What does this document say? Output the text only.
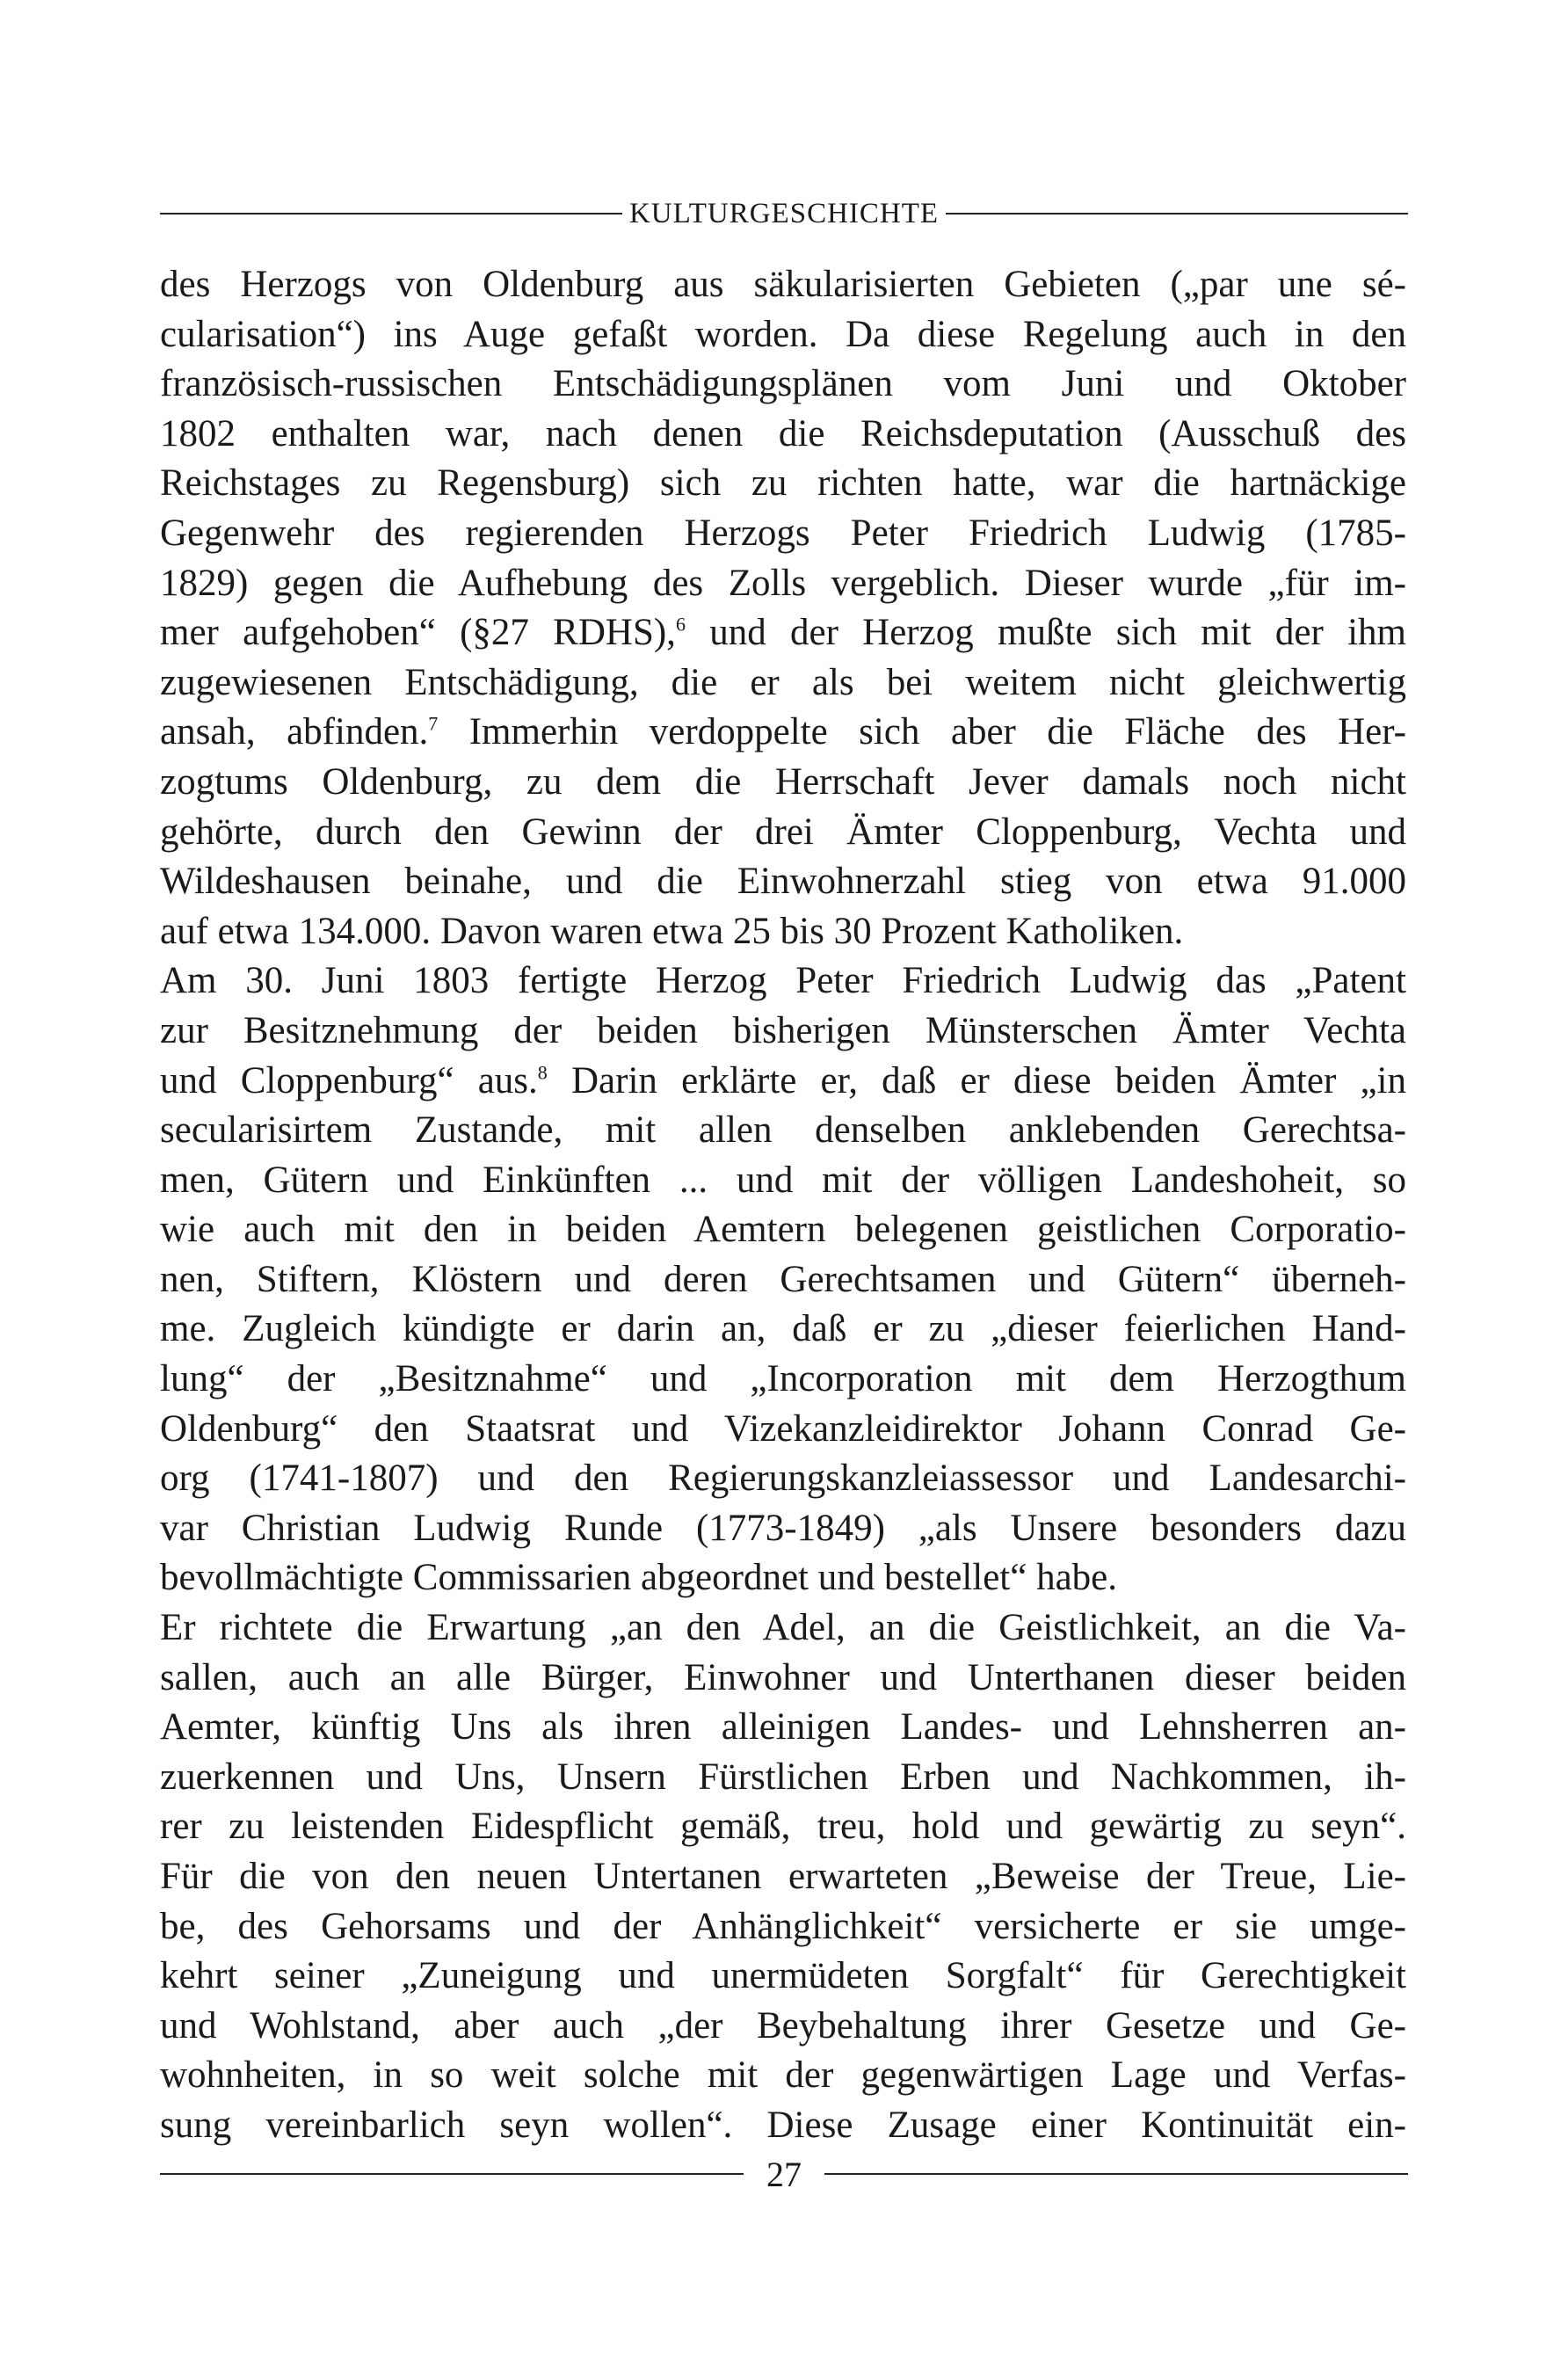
KULTURGESCHICHTE
des Herzogs von Oldenburg aus säkularisierten Gebieten („par une sé-
cularisation“) ins Auge gefaßt worden. Da diese Regelung auch in den
französisch-russischen Entschädigungsplänen vom Juni und Oktober
1802 enthalten war, nach denen die Reichsdeputation (Ausschuß des
Reichstages zu Regensburg) sich zu richten hatte, war die hartnäckige
Gegenwehr des regierenden Herzogs Peter Friedrich Ludwig (1785-
1829) gegen die Aufhebung des Zolls vergeblich. Dieser wurde „für im-
mer aufgehoben“ (§27 RDHS),$^6$ und der Herzog mußte sich mit der ihm
zugewiesenen Entschädigung, die er als bei weitem nicht gleichwertig
ansah, abfinden.$^7$ Immerhin verdoppelte sich aber die Fläche des Her-
zogtums Oldenburg, zu dem die Herrschaft Jever damals noch nicht
gehörte, durch den Gewinn der drei Ämter Cloppenburg, Vechta und
Wildeshausen beinahe, und die Einwohnerzahl stieg von etwa 91.000
auf etwa 134.000. Davon waren etwa 25 bis 30 Prozent Katholiken.
Am 30. Juni 1803 fertigte Herzog Peter Friedrich Ludwig das „Patent
zur Besitznehmung der beiden bisherigen Münsterschen Ämter Vechta
und Cloppenburg“ aus.$^8$ Darin erklärte er, daß er diese beiden Ämter „in
secularisirtem Zustande, mit allen denselben anklebenden Gerechtsa-
men, Gütern und Einkünften ... und mit der völligen Landeshoheit, so
wie auch mit den in beiden Aemtern belegenen geistlichen Corporatio-
nen, Stiftern, Klöstern und deren Gerechtsamen und Gütern“ überneh-
me. Zugleich kündigte er darin an, daß er zu „dieser feierlichen Hand-
lung“ der „Besitznahme“ und „Incorporation mit dem Herzogthum
Oldenburg“ den Staatsrat und Vizekanzleidirektor Johann Conrad Ge-
org (1741-1807) und den Regierungskanzleiassessor und Landesarchi-
var Christian Ludwig Runde (1773-1849) „als Unsere besonders dazu
bevollmächtigte Commissarien abgeordnet und bestellet“ habe.
Er richtete die Erwartung „an den Adel, an die Geistlichkeit, an die Va-
sallen, auch an alle Bürger, Einwohner und Unterthanen dieser beiden
Aemter, künftig Uns als ihren alleinigen Landes- und Lehnsherren an-
zuerkennen und Uns, Unsern Fürstlichen Erben und Nachkommen, ih-
rer zu leistenden Eidespflicht gemäß, treu, hold und gewärtig zu seyn“.
Für die von den neuen Untertanen erwarteten „Beweise der Treue, Lie-
be, des Gehorsams und der Anhänglichkeit“ versicherte er sie umge-
kehrt seiner „Zuneigung und unermüdeten Sorgfalt“ für Gerechtigkeit
und Wohlstand, aber auch „der Beybehaltung ihrer Gesetze und Ge-
wohnheiten, in so weit solche mit der gegenwärtigen Lage und Verfas-
sung vereinbarlich seyn wollen“. Diese Zusage einer Kontinuität ein-
27
